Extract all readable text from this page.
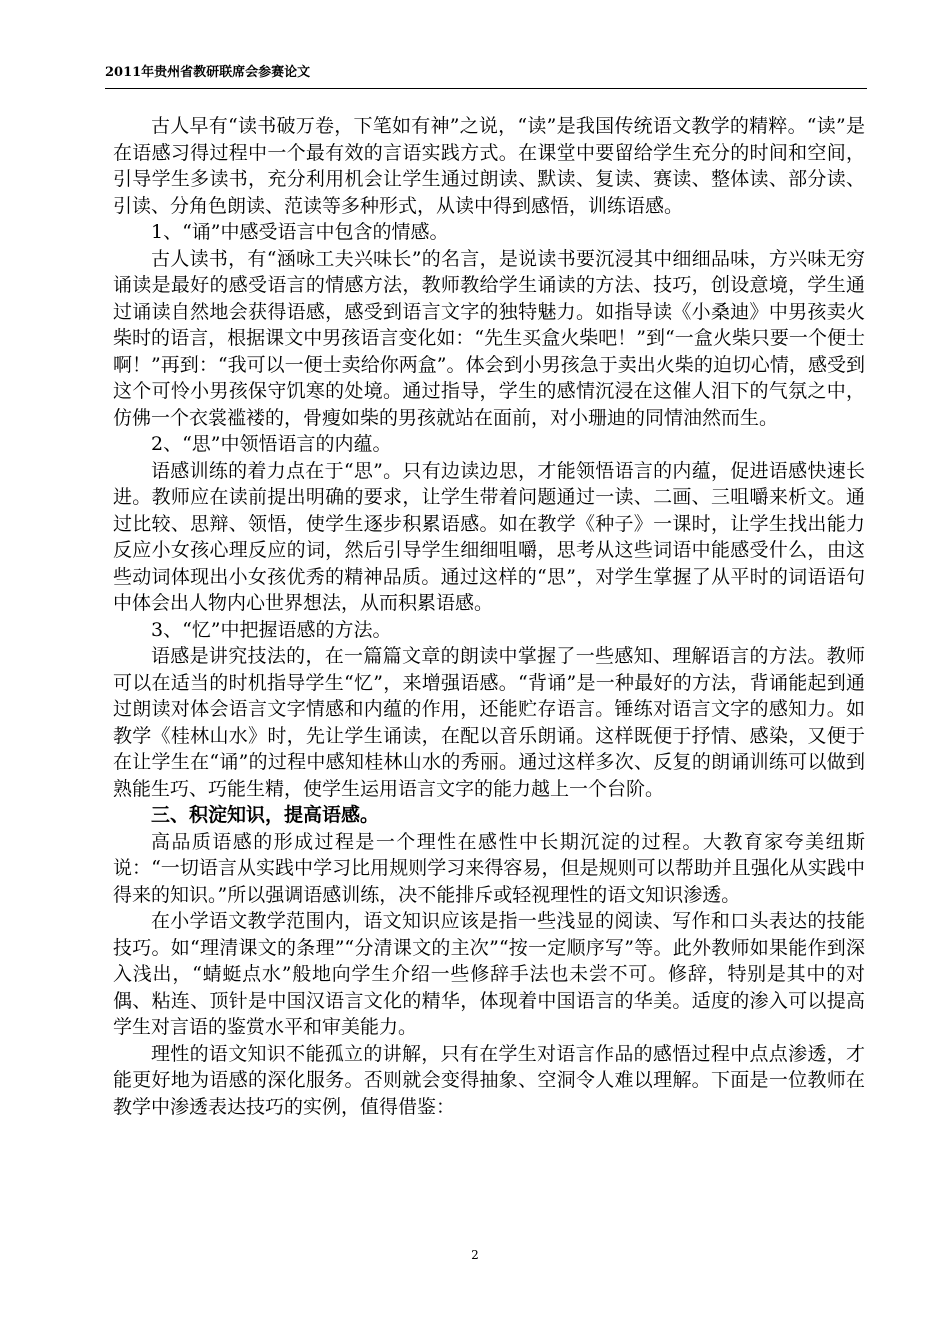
2011年贵州省教研联席会参赛论文

古人早有“读书破万卷，下笔如有神”之说，“读”是我国传统语文教学的精粹。“读”是在语感习得过程中一个最有效的言语实践方式。在课堂中要留给学生充分的时间和空间，引导学生多读书，充分利用机会让学生通过朗读、默读、复读、赛读、整体读、部分读、引读、分角色朗读、范读等多种形式，从读中得到感悟，训练语感。

1、“诵”中感受语言中包含的情感。

古人读书，有“涵咏工夫兴味长”的名言，是说读书要沉浸其中细细品味，方兴味无穷诵读是最好的感受语言的情感方法，教师教给学生诵读的方法、技巧，创设意境，学生通过诵读自然地会获得语感，感受到语言文字的独特魅力。如指导读《小桑迪》中男孩卖火柴时的语言，根据课文中男孩语言变化如：“先生买盒火柴吧！”到“一盒火柴只要一个便士啊！”再到：“我可以一便士卖给你两盒”。体会到小男孩急于卖出火柴的迫切心情，感受到这个可怜小男孩保守饥寒的处境。通过指导，学生的感情沉浸在这催人泪下的气氛之中，仿佛一个衣裳褴褛的，骨瘦如柴的男孩就站在面前，对小珊迪的同情油然而生。

2、“思”中领悟语言的内蕴。

语感训练的着力点在于“思”。只有边读边思，才能领悟语言的内蕴，促进语感快速长进。教师应在读前提出明确的要求，让学生带着问题通过一读、二画、三咀嚼来析文。通过比较、思辩、领悟，使学生逐步积累语感。如在教学《种子》一课时，让学生找出能力反应小女孩心理反应的词，然后引导学生细细咀嚼，思考从这些词语中能感受什么，由这些动词体现出小女孩优秀的精神品质。通过这样的“思”，对学生掌握了从平时的词语语句中体会出人物内心世界想法，从而积累语感。

3、“忆”中把握语感的方法。

语感是讲究技法的，在一篇篇文章的朗读中掌握了一些感知、理解语言的方法。教师可以在适当的时机指导学生“忆”，来增强语感。“背诵”是一种最好的方法，背诵能起到通过朗读对体会语言文字情感和内蕴的作用，还能贮存语言。锤练对语言文字的感知力。如教学《桂林山水》时，先让学生诵读，在配以音乐朗诵。这样既便于抒情、感染，又便于在让学生在“诵”的过程中感知桂林山水的秀丽。通过这样多次、反复的朗诵训练可以做到熟能生巧、巧能生精，使学生运用语言文字的能力越上一个台阶。

三、积淀知识，提高语感。

高品质语感的形成过程是一个理性在感性中长期沉淀的过程。大教育家夸美纽斯说：“一切语言从实践中学习比用规则学习来得容易，但是规则可以帮助并且强化从实践中得来的知识。”所以强调语感训练，决不能排斥或轻视理性的语文知识渗透。

在小学语文教学范围内，语文知识应该是指一些浅显的阅读、写作和口头表达的技能技巧。如“理清课文的条理”“分清课文的主次”“按一定顺序写”等。此外教师如果能作到深入浅出，“蜻蜓点水”般地向学生介绍一些修辞手法也未尝不可。修辞，特别是其中的对偶、粘连、顶针是中国汉语言文化的精华，体现着中国语言的华美。适度的渗入可以提高学生对言语的鉴赏水平和审美能力。

理性的语文知识不能孤立的讲解，只有在学生对语言作品的感悟过程中点点渗透，才能更好地为语感的深化服务。否则就会变得抽象、空洞令人难以理解。下面是一位教师在教学中渗透表达技巧的实例，值得借鉴：

2
